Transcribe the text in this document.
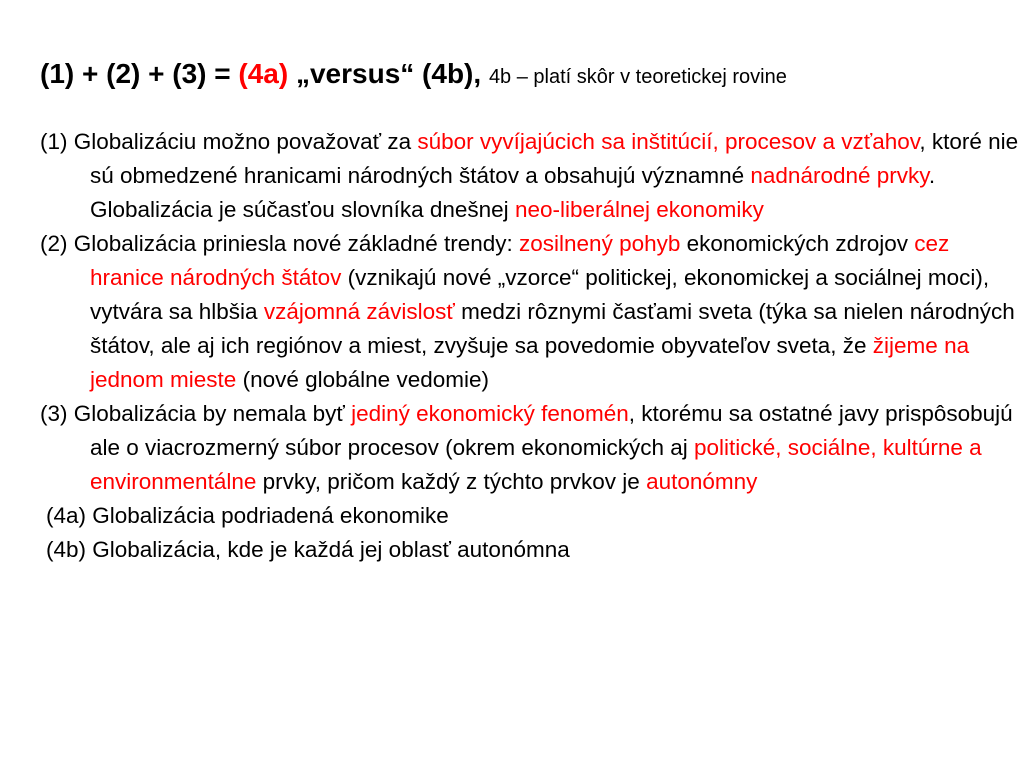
(1) + (2) + (3) = (4a) „versus“ (4b), 4b – platí skôr v teoretickej rovine

(1) Globalizáciu možno považovať za súbor vyvíjajúcich sa inštitúcií, procesov a vzťahov, ktoré nie sú obmedzené hranicami národných štátov a obsahujú významné nadnárodné prvky. Globalizácia je súčasťou slovníka dnešnej neo-liberálnej ekonomiky

(2) Globalizácia priniesla nové základné trendy: zosilnený pohyb ekonomických zdrojov cez hranice národných štátov (vznikajú nové „vzorce“ politickej, ekonomickej a sociálnej moci), vytvára sa hlbšia vzájomná závislosť medzi rôznymi časťami sveta (týka sa nielen národných štátov, ale aj ich regiónov a miest, zvyšuje sa povedomie obyvateľov sveta, že žijeme na jednom mieste (nové globálne vedomie)

(3) Globalizácia by nemala byť jediný ekonomický fenomén, ktorému sa ostatné javy prispôsobujú ale o viacrozmerný súbor procesov (okrem ekonomických aj politické, sociálne, kultúrne a environmentálne prvky, pričom každý z týchto prvkov je autonómny

(4a) Globalizácia podriadená ekonomike

(4b) Globalizácia, kde je každá jej oblasť autonómna
